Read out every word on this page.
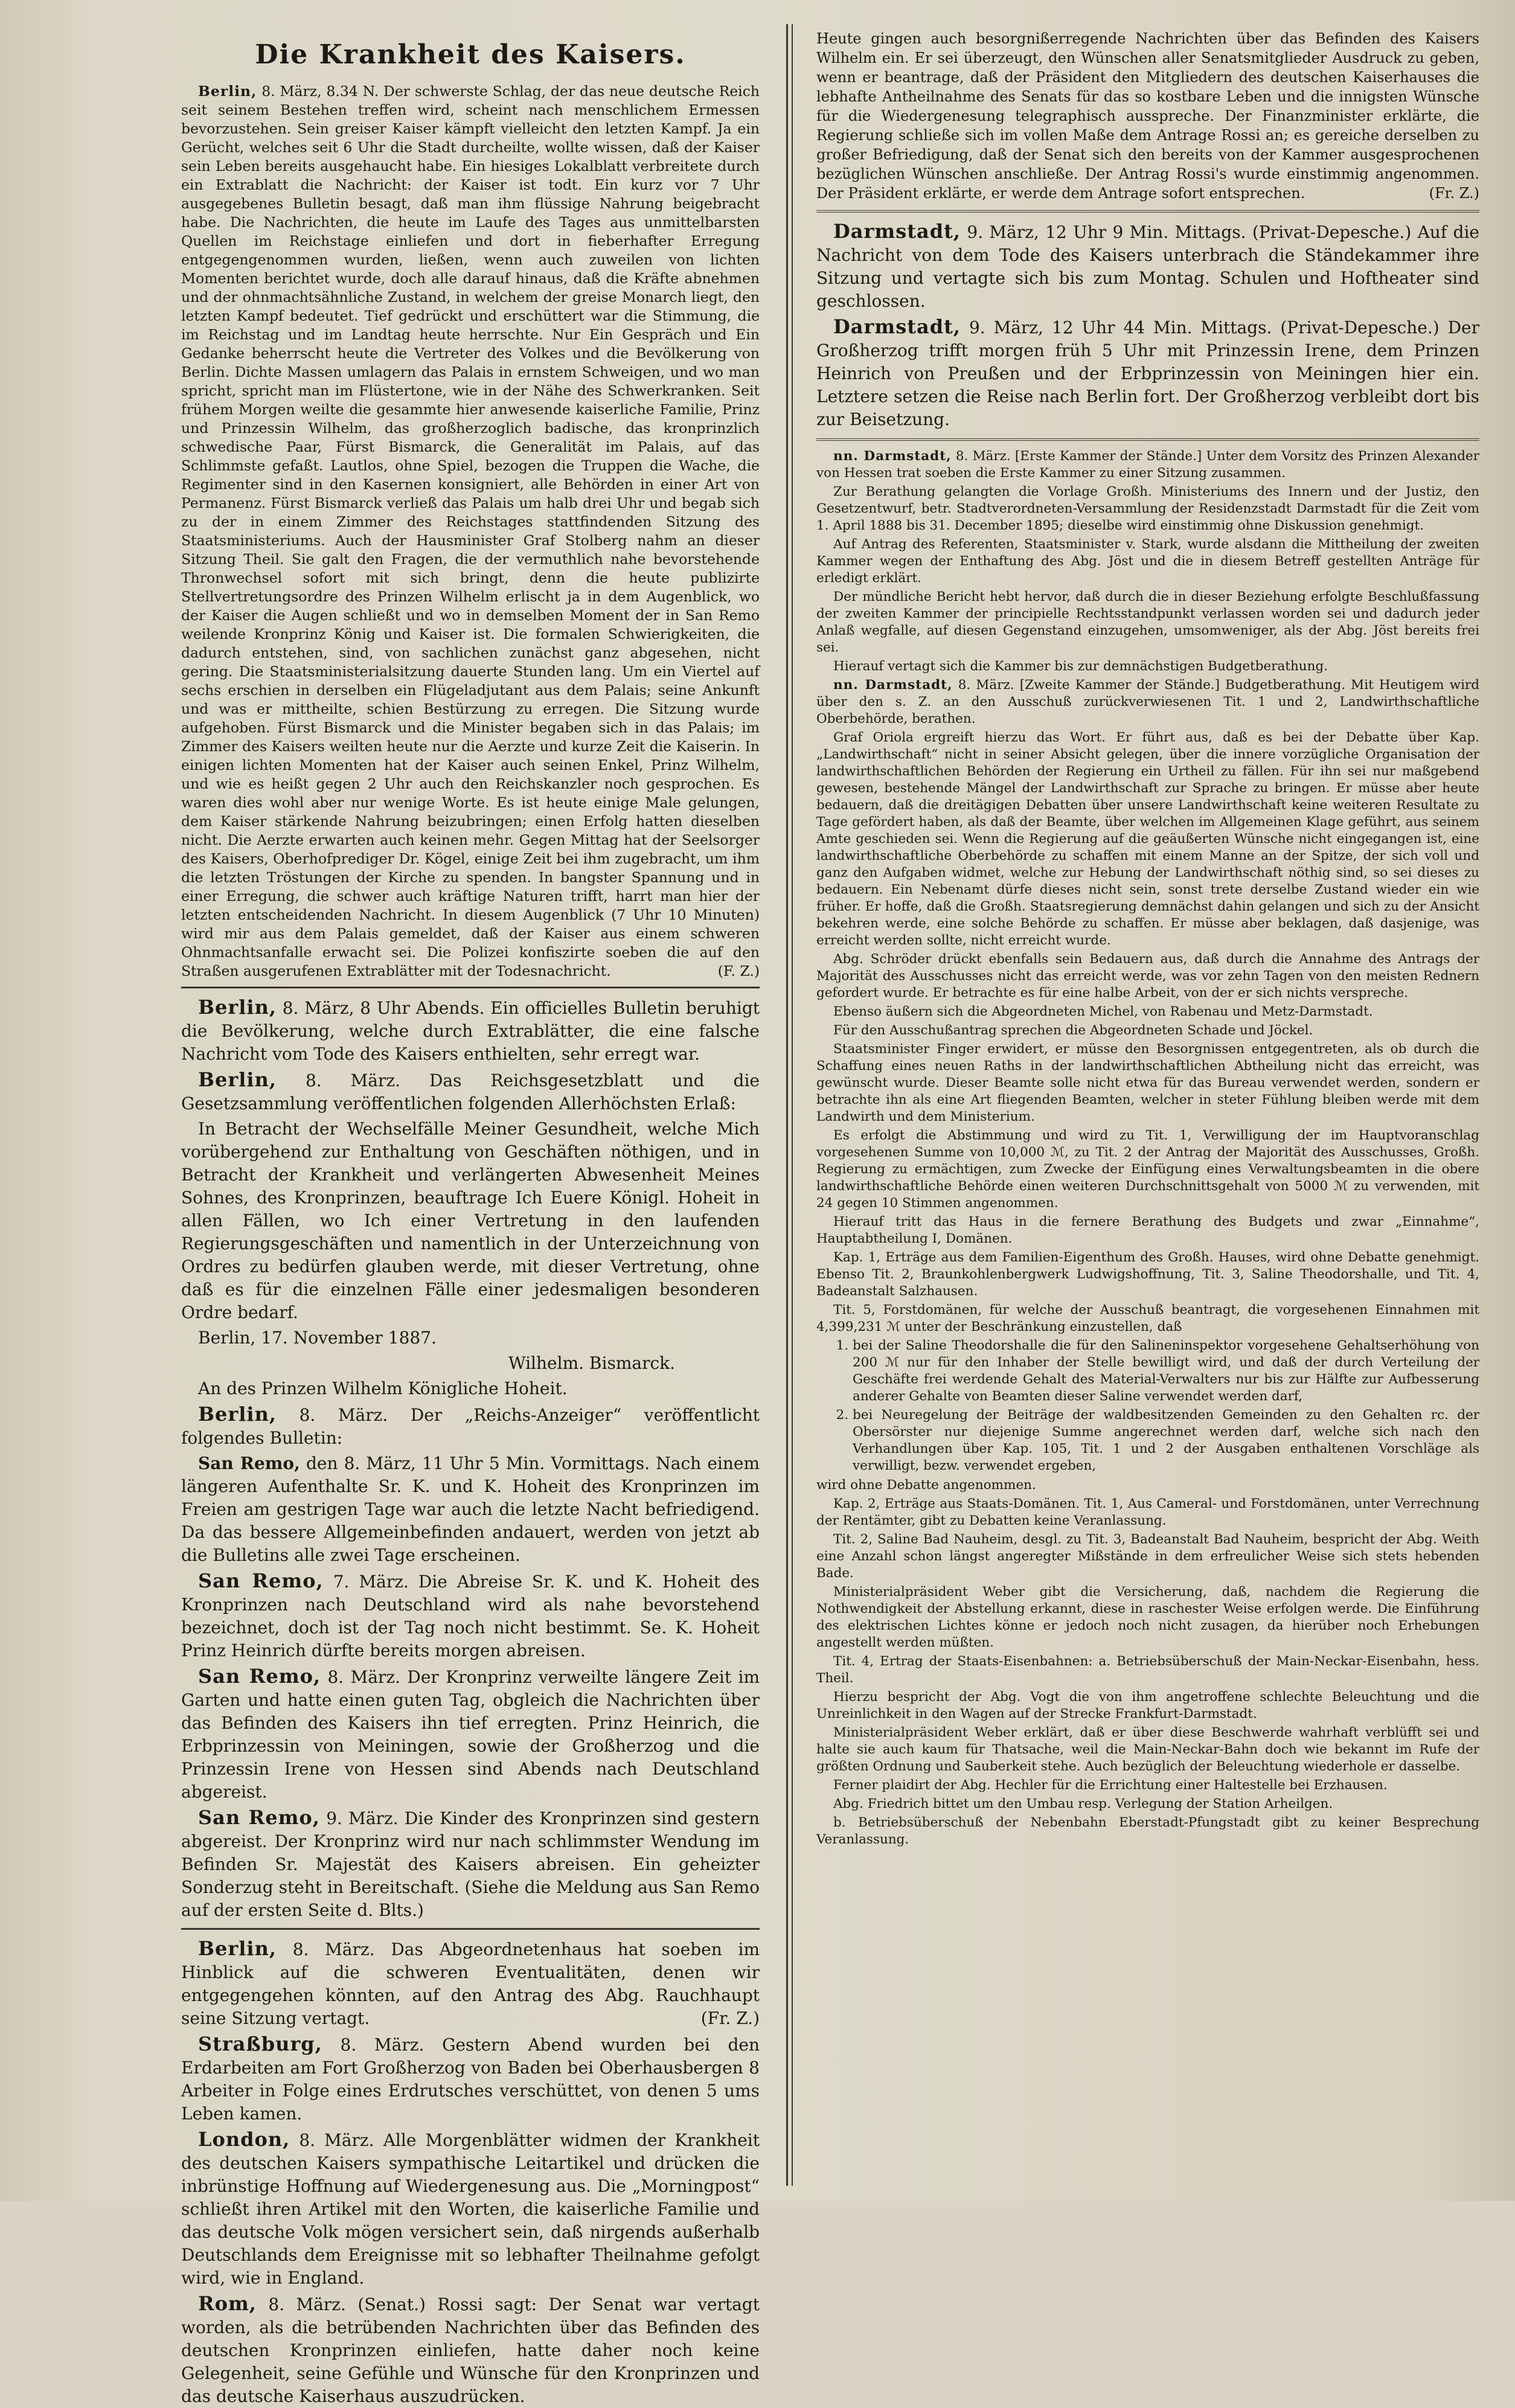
Die Krankheit des Kaisers.

Berlin, 8. März, 8.34 N. Der schwerste Schlag, der das neue deutsche Reich seit seinem Bestehen treffen wird, scheint nach menschlichem Ermessen bevorzustehen. Sein greiser Kaiser kämpft vielleicht den letzten Kampf. Ja ein Gerücht, welches seit 6 Uhr die Stadt durcheilte, wollte wissen, daß der Kaiser sein Leben bereits ausgehaucht habe. Ein hiesiges Lokalblatt verbreitete durch ein Extrablatt die Nachricht: der Kaiser ist todt. Ein kurz vor 7 Uhr ausgegebenes Bulletin besagt, daß man ihm flüssige Nahrung beigebracht habe. Die Nachrichten, die heute im Laufe des Tages aus unmittelbarsten Quellen im Reichstage einliefen und dort in fieberhafter Erregung entgegengenommen wurden, ließen, wenn auch zuweilen von lichten Momenten berichtet wurde, doch alle darauf hinaus, daß die Kräfte abnehmen und der ohnmachtsähnliche Zustand, in welchem der greise Monarch liegt, den letzten Kampf bedeutet. Tief gedrückt und erschüttert war die Stimmung, die im Reichstag und im Landtag heute herrschte. Nur Ein Gespräch und Ein Gedanke beherrscht heute die Vertreter des Volkes und die Bevölkerung von Berlin. Dichte Massen umlagern das Palais in ernstem Schweigen, und wo man spricht, spricht man im Flüstertone, wie in der Nähe des Schwerkranken. Seit frühem Morgen weilte die gesammte hier anwesende kaiserliche Familie, Prinz und Prinzessin Wilhelm, das großherzoglich badische, das kronprinzlich schwedische Paar, Fürst Bismarck, die Generalität im Palais, auf das Schlimmste gefaßt. Lautlos, ohne Spiel, bezogen die Truppen die Wache, die Regimenter sind in den Kasernen konsigniert, alle Behörden in einer Art von Permanenz. Fürst Bismarck verließ das Palais um halb drei Uhr und begab sich zu der in einem Zimmer des Reichstages stattfindenden Sitzung des Staatsministeriums. Auch der Hausminister Graf Stolberg nahm an dieser Sitzung Theil. Sie galt den Fragen, die der vermuthlich nahe bevorstehende Thronwechsel sofort mit sich bringt, denn die heute publizirte Stellvertretungsordre des Prinzen Wilhelm erlischt ja in dem Augenblick, wo der Kaiser die Augen schließt und wo in demselben Moment der in San Remo weilende Kronprinz König und Kaiser ist. Die formalen Schwierigkeiten, die dadurch entstehen, sind, von sachlichen zunächst ganz abgesehen, nicht gering. Die Staatsministerialsitzung dauerte Stunden lang. Um ein Viertel auf sechs erschien in derselben ein Flügeladjutant aus dem Palais; seine Ankunft und was er mittheilte, schien Bestürzung zu erregen. Die Sitzung wurde aufgehoben. Fürst Bismarck und die Minister begaben sich in das Palais; im Zimmer des Kaisers weilten heute nur die Aerzte und kurze Zeit die Kaiserin. In einigen lichten Momenten hat der Kaiser auch seinen Enkel, Prinz Wilhelm, und wie es heißt gegen 2 Uhr auch den Reichskanzler noch gesprochen. Es waren dies wohl aber nur wenige Worte. Es ist heute einige Male gelungen, dem Kaiser stärkende Nahrung beizubringen; einen Erfolg hatten dieselben nicht. Die Aerzte erwarten auch keinen mehr. Gegen Mittag hat der Seelsorger des Kaisers, Oberhofprediger Dr. Kögel, einige Zeit bei ihm zugebracht, um ihm die letzten Tröstungen der Kirche zu spenden. In bangster Spannung und in einer Erregung, die schwer auch kräftige Naturen trifft, harrt man hier der letzten entscheidenden Nachricht. In diesem Augenblick (7 Uhr 10 Minuten) wird mir aus dem Palais gemeldet, daß der Kaiser aus einem schweren Ohnmachtsanfalle erwacht sei. Die Polizei konfiszirte soeben die auf den Straßen ausgerufenen Extrablätter mit der Todesnachricht.	(F. Z.)

Berlin, 8. März, 8 Uhr Abends. Ein officielles Bulletin beruhigt die Bevölkerung, welche durch Extrablätter, die eine falsche Nachricht vom Tode des Kaisers enthielten, sehr erregt war.

Berlin, 8. März. Das Reichsgesetzblatt und die Gesetzsammlung veröffentlichen folgenden Allerhöchsten Erlaß:

In Betracht der Wechselfälle Meiner Gesundheit, welche Mich vorübergehend zur Enthaltung von Geschäften nöthigen, und in Betracht der Krankheit und verlängerten Abwesenheit Meines Sohnes, des Kronprinzen, beauftrage Ich Euere Königl. Hoheit in allen Fällen, wo Ich einer Vertretung in den laufenden Regierungsgeschäften und namentlich in der Unterzeichnung von Ordres zu bedürfen glauben werde, mit dieser Vertretung, ohne daß es für die einzelnen Fälle einer jedesmaligen besonderen Ordre bedarf.

Berlin, 17. November 1887.

Wilhelm. Bismarck.

An des Prinzen Wilhelm Königliche Hoheit.

Berlin, 8. März. Der „Reichs-Anzeiger“ veröffentlicht folgendes Bulletin:

San Remo, den 8. März, 11 Uhr 5 Min. Vormittags. Nach einem längeren Aufenthalte Sr. K. und K. Hoheit des Kronprinzen im Freien am gestrigen Tage war auch die letzte Nacht befriedigend. Da das bessere Allgemeinbefinden andauert, werden von jetzt ab die Bulletins alle zwei Tage erscheinen.

San Remo, 7. März. Die Abreise Sr. K. und K. Hoheit des Kronprinzen nach Deutschland wird als nahe bevorstehend bezeichnet, doch ist der Tag noch nicht bestimmt. Se. K. Hoheit Prinz Heinrich dürfte bereits morgen abreisen.

San Remo, 8. März. Der Kronprinz verweilte längere Zeit im Garten und hatte einen guten Tag, obgleich die Nachrichten über das Befinden des Kaisers ihn tief erregten. Prinz Heinrich, die Erbprinzessin von Meiningen, sowie der Großherzog und die Prinzessin Irene von Hessen sind Abends nach Deutschland abgereist.

San Remo, 9. März. Die Kinder des Kronprinzen sind gestern abgereist. Der Kronprinz wird nur nach schlimmster Wendung im Befinden Sr. Majestät des Kaisers abreisen. Ein geheizter Sonderzug steht in Bereitschaft. (Siehe die Meldung aus San Remo auf der ersten Seite d. Blts.)

Berlin, 8. März. Das Abgeordnetenhaus hat soeben im Hinblick auf die schweren Eventualitäten, denen wir entgegengehen könnten, auf den Antrag des Abg. Rauchhaupt seine Sitzung vertagt.	(Fr. Z.)

Straßburg, 8. März. Gestern Abend wurden bei den Erdarbeiten am Fort Großherzog von Baden bei Oberhausbergen 8 Arbeiter in Folge eines Erdrutsches verschüttet, von denen 5 ums Leben kamen.

London, 8. März. Alle Morgenblätter widmen der Krankheit des deutschen Kaisers sympathische Leitartikel und drücken die inbrünstige Hoffnung auf Wiedergenesung aus. Die „Morningpost“ schließt ihren Artikel mit den Worten, die kaiserliche Familie und das deutsche Volk mögen versichert sein, daß nirgends außerhalb Deutschlands dem Ereignisse mit so lebhafter Theilnahme gefolgt wird, wie in England.

Rom, 8. März. (Senat.) Rossi sagt: Der Senat war vertagt worden, als die betrübenden Nachrichten über das Befinden des deutschen Kronprinzen einliefen, hatte daher noch keine Gelegenheit, seine Gefühle und Wünsche für den Kronprinzen und das deutsche Kaiserhaus auszudrücken.

Heute gingen auch besorgnißerregende Nachrichten über das Befinden des Kaisers Wilhelm ein. Er sei überzeugt, den Wünschen aller Senatsmitglieder Ausdruck zu geben, wenn er beantrage, daß der Präsident den Mitgliedern des deutschen Kaiserhauses die lebhafte Antheilnahme des Senats für das so kostbare Leben und die innigsten Wünsche für die Wiedergenesung telegraphisch ausspreche. Der Finanzminister erklärte, die Regierung schließe sich im vollen Maße dem Antrage Rossi an; es gereiche derselben zu großer Befriedigung, daß der Senat sich den bereits von der Kammer ausgesprochenen bezüglichen Wünschen anschließe. Der Antrag Rossi's wurde einstimmig angenommen. Der Präsident erklärte, er werde dem Antrage sofort entsprechen.	(Fr. Z.)

Darmstadt, 9. März, 12 Uhr 9 Min. Mittags. (Privat-Depesche.) Auf die Nachricht von dem Tode des Kaisers unterbrach die Ständekammer ihre Sitzung und vertagte sich bis zum Montag. Schulen und Hoftheater sind geschlossen.

Darmstadt, 9. März, 12 Uhr 44 Min. Mittags. (Privat-Depesche.) Der Großherzog trifft morgen früh 5 Uhr mit Prinzessin Irene, dem Prinzen Heinrich von Preußen und der Erbprinzessin von Meiningen hier ein. Letztere setzen die Reise nach Berlin fort. Der Großherzog verbleibt dort bis zur Beisetzung.

nn. Darmstadt, 8. März. [Erste Kammer der Stände.] Unter dem Vorsitz des Prinzen Alexander von Hessen trat soeben die Erste Kammer zu einer Sitzung zusammen.

Zur Berathung gelangten die Vorlage Großh. Ministeriums des Innern und der Justiz, den Gesetzentwurf, betr. Stadtverordneten-Versammlung der Residenzstadt Darmstadt für die Zeit vom 1. April 1888 bis 31. December 1895; dieselbe wird einstimmig ohne Diskussion genehmigt.

Auf Antrag des Referenten, Staatsminister v. Stark, wurde alsdann die Mittheilung der zweiten Kammer wegen der Enthaftung des Abg. Jöst und die in diesem Betreff gestellten Anträge für erledigt erklärt.

Der mündliche Bericht hebt hervor, daß durch die in dieser Beziehung erfolgte Beschlußfassung der zweiten Kammer der principielle Rechtsstandpunkt verlassen worden sei und dadurch jeder Anlaß wegfalle, auf diesen Gegenstand einzugehen, umsomweniger, als der Abg. Jöst bereits frei sei.

Hierauf vertagt sich die Kammer bis zur demnächstigen Budgetberathung.

nn. Darmstadt, 8. März. [Zweite Kammer der Stände.] Budgetberathung. Mit Heutigem wird über den s. Z. an den Ausschuß zurückverwiesenen Tit. 1 und 2, Landwirthschaftliche Oberbehörde, berathen.

Graf Oriola ergreift hierzu das Wort. Er führt aus, daß es bei der Debatte über Kap. „Landwirthschaft“ nicht in seiner Absicht gelegen, über die innere vorzügliche Organisation der landwirthschaftlichen Behörden der Regierung ein Urtheil zu fällen. Für ihn sei nur maßgebend gewesen, bestehende Mängel der Landwirthschaft zur Sprache zu bringen. Er müsse aber heute bedauern, daß die dreitägigen Debatten über unsere Landwirthschaft keine weiteren Resultate zu Tage gefördert haben, als daß der Beamte, über welchen im Allgemeinen Klage geführt, aus seinem Amte geschieden sei. Wenn die Regierung auf die geäußerten Wünsche nicht eingegangen ist, eine landwirthschaftliche Oberbehörde zu schaffen mit einem Manne an der Spitze, der sich voll und ganz den Aufgaben widmet, welche zur Hebung der Landwirthschaft nöthig sind, so sei dieses zu bedauern. Ein Nebenamt dürfe dieses nicht sein, sonst trete derselbe Zustand wieder ein wie früher. Er hoffe, daß die Großh. Staatsregierung demnächst dahin gelangen und sich zu der Ansicht bekehren werde, eine solche Behörde zu schaffen. Er müsse aber beklagen, daß dasjenige, was erreicht werden sollte, nicht erreicht wurde.

Abg. Schröder drückt ebenfalls sein Bedauern aus, daß durch die Annahme des Antrags der Majorität des Ausschusses nicht das erreicht werde, was vor zehn Tagen von den meisten Rednern gefordert wurde. Er betrachte es für eine halbe Arbeit, von der er sich nichts verspreche.

Ebenso äußern sich die Abgeordneten Michel, von Rabenau und Metz-Darmstadt.

Für den Ausschußantrag sprechen die Abgeordneten Schade und Jöckel.

Staatsminister Finger erwidert, er müsse den Besorgnissen entgegentreten, als ob durch die Schaffung eines neuen Raths in der landwirthschaftlichen Abtheilung nicht das erreicht, was gewünscht wurde. Dieser Beamte solle nicht etwa für das Bureau verwendet werden, sondern er betrachte ihn als eine Art fliegenden Beamten, welcher in steter Fühlung bleiben werde mit dem Landwirth und dem Ministerium.

Es erfolgt die Abstimmung und wird zu Tit. 1, Verwilligung der im Hauptvoranschlag vorgesehenen Summe von 10,000 ℳ, zu Tit. 2 der Antrag der Majorität des Ausschusses, Großh. Regierung zu ermächtigen, zum Zwecke der Einfügung eines Verwaltungsbeamten in die obere landwirthschaftliche Behörde einen weiteren Durchschnittsgehalt von 5000 ℳ zu verwenden, mit 24 gegen 10 Stimmen angenommen.

Hierauf tritt das Haus in die fernere Berathung des Budgets und zwar „Einnahme“, Hauptabtheilung I, Domänen.

Kap. 1, Erträge aus dem Familien-Eigenthum des Großh. Hauses, wird ohne Debatte genehmigt. Ebenso Tit. 2, Braunkohlenbergwerk Ludwigshoffnung, Tit. 3, Saline Theodorshalle, und Tit. 4, Badeanstalt Salzhausen.

Tit. 5, Forstdomänen, für welche der Ausschuß beantragt, die vorgesehenen Einnahmen mit 4,399,231 ℳ unter der Beschränkung einzustellen, daß

1. bei der Saline Theodorshalle die für den Salineninspektor vorgesehene Gehaltserhöhung von 200 ℳ nur für den Inhaber der Stelle bewilligt wird, und daß der durch Verteilung der Geschäfte frei werdende Gehalt des Material-Verwalters nur bis zur Hälfte zur Aufbesserung anderer Gehalte von Beamten dieser Saline verwendet werden darf,
2. bei Neuregelung der Beiträge der waldbesitzenden Gemeinden zu den Gehalten rc. der Obersörster nur diejenige Summe angerechnet werden darf, welche sich nach den Verhandlungen über Kap. 105, Tit. 1 und 2 der Ausgaben enthaltenen Vorschläge als verwilligt, bezw. verwendet ergeben,

wird ohne Debatte angenommen.

Kap. 2, Erträge aus Staats-Domänen. Tit. 1, Aus Cameral- und Forstdomänen, unter Verrechnung der Rentämter, gibt zu Debatten keine Veranlassung.

Tit. 2, Saline Bad Nauheim, desgl. zu Tit. 3, Badeanstalt Bad Nauheim, bespricht der Abg. Weith eine Anzahl schon längst angeregter Mißstände in dem erfreulicher Weise sich stets hebenden Bade.

Ministerialpräsident Weber gibt die Versicherung, daß, nachdem die Regierung die Nothwendigkeit der Abstellung erkannt, diese in raschester Weise erfolgen werde. Die Einführung des elektrischen Lichtes könne er jedoch noch nicht zusagen, da hierüber noch Erhebungen angestellt werden müßten.

Tit. 4, Ertrag der Staats-Eisenbahnen: a. Betriebsüberschuß der Main-Neckar-Eisenbahn, hess. Theil.

Hierzu bespricht der Abg. Vogt die von ihm angetroffene schlechte Beleuchtung und die Unreinlichkeit in den Wagen auf der Strecke Frankfurt-Darmstadt.

Ministerialpräsident Weber erklärt, daß er über diese Beschwerde wahrhaft verblüfft sei und halte sie auch kaum für Thatsache, weil die Main-Neckar-Bahn doch wie bekannt im Rufe der größten Ordnung und Sauberkeit stehe. Auch bezüglich der Beleuchtung wiederhole er dasselbe.

Ferner plaidirt der Abg. Hechler für die Errichtung einer Haltestelle bei Erzhausen.

Abg. Friedrich bittet um den Umbau resp. Verlegung der Station Arheilgen.

b. Betriebsüberschuß der Nebenbahn Eberstadt-Pfungstadt gibt zu keiner Besprechung Veranlassung.
